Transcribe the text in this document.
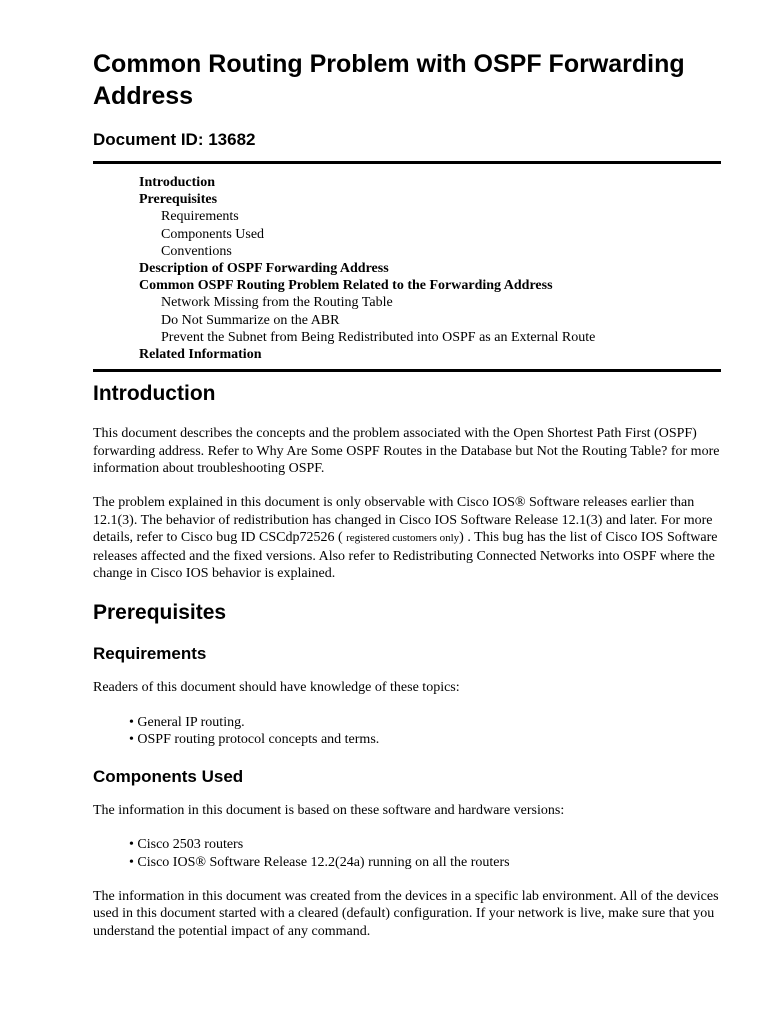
Common Routing Problem with OSPF Forwarding Address
Document ID: 13682
Introduction
Prerequisites
Requirements
Components Used
Conventions
Description of OSPF Forwarding Address
Common OSPF Routing Problem Related to the Forwarding Address
Network Missing from the Routing Table
Do Not Summarize on the ABR
Prevent the Subnet from Being Redistributed into OSPF as an External Route
Related Information
Introduction

This document describes the concepts and the problem associated with the Open Shortest Path First (OSPF) forwarding address. Refer to Why Are Some OSPF Routes in the Database but Not the Routing Table? for more information about troubleshooting OSPF.

The problem explained in this document is only observable with Cisco IOS® Software releases earlier than 12.1(3). The behavior of redistribution has changed in Cisco IOS Software Release 12.1(3) and later. For more details, refer to Cisco bug ID CSCdp72526 ( registered customers only) . This bug has the list of Cisco IOS Software releases affected and the fixed versions. Also refer to Redistributing Connected Networks into OSPF where the change in Cisco IOS behavior is explained.

Prerequisites
Requirements

Readers of this document should have knowledge of these topics:

• General IP routing.
• OSPF routing protocol concepts and terms.
Components Used

The information in this document is based on these software and hardware versions:

• Cisco 2503 routers
• Cisco IOS® Software Release 12.2(24a) running on all the routers

The information in this document was created from the devices in a specific lab environment. All of the devices used in this document started with a cleared (default) configuration. If your network is live, make sure that you understand the potential impact of any command.
